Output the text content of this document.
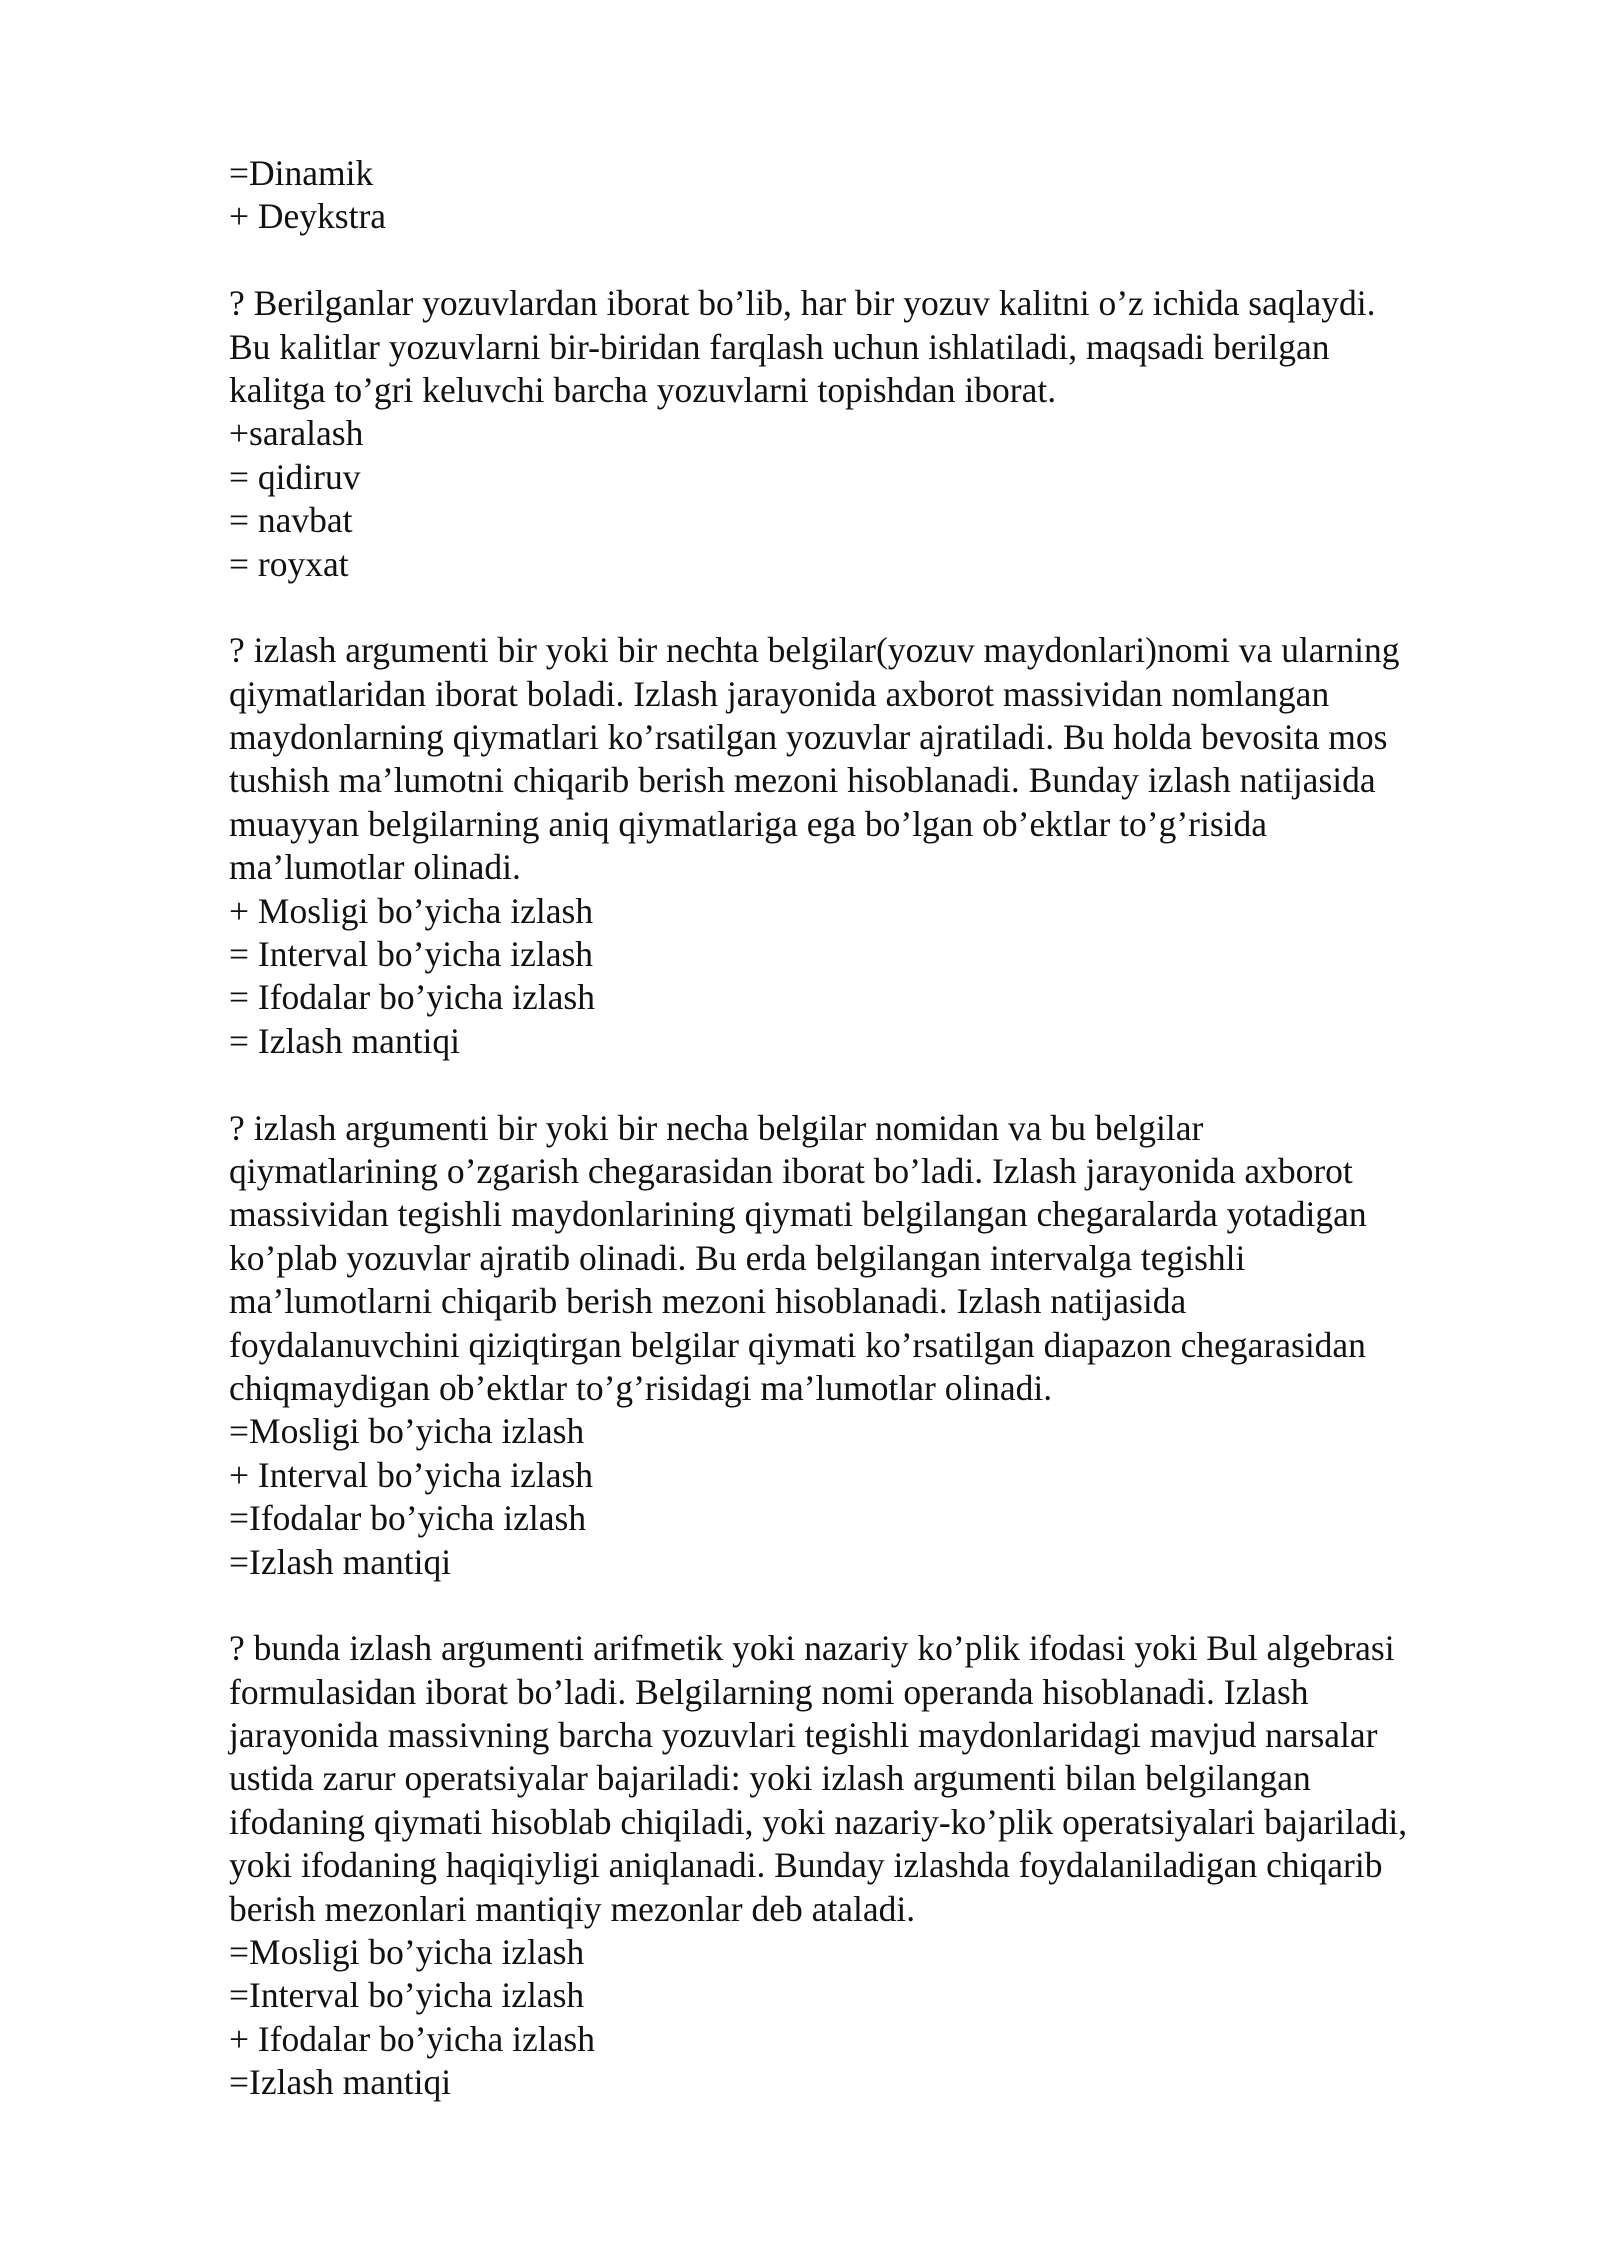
=Dinamik
+ Deykstra
? Berilganlar yozuvlardan iborat bo’lib, har bir yozuv kalitni o’z ichida saqlaydi.
Bu kalitlar yozuvlarni bir-biridan farqlash uchun ishlatiladi, maqsadi berilgan
kalitga to’gri keluvchi barcha yozuvlarni topishdan iborat.
+saralash
= qidiruv
= navbat
= royxat
? izlash argumenti bir yoki bir nechta belgilar(yozuv maydonlari)nomi va ularning
qiymatlaridan iborat boladi. Izlash jarayonida axborot massividan nomlangan
maydonlarning qiymatlari ko’rsatilgan yozuvlar ajratiladi. Bu holda bevosita mos
tushish ma’lumotni chiqarib berish mezoni hisoblanadi. Bunday izlash natijasida
muayyan belgilarning aniq qiymatlariga ega bo’lgan ob’ektlar to’g’risida
ma’lumotlar olinadi.
+ Mosligi bo’yicha izlash
= Interval bo’yicha izlash
= Ifodalar bo’yicha izlash
= Izlash mantiqi
? izlash argumenti bir yoki bir necha belgilar nomidan va bu belgilar
qiymatlarining o’zgarish chegarasidan iborat bo’ladi. Izlash jarayonida axborot
massividan tegishli maydonlarining qiymati belgilangan chegaralarda yotadigan
ko’plab yozuvlar ajratib olinadi. Bu erda belgilangan intervalga tegishli
ma’lumotlarni chiqarib berish mezoni hisoblanadi. Izlash natijasida
foydalanuvchini qiziqtirgan belgilar qiymati ko’rsatilgan diapazon chegarasidan
chiqmaydigan ob’ektlar to’g’risidagi ma’lumotlar olinadi.
=Mosligi bo’yicha izlash
+ Interval bo’yicha izlash
=Ifodalar bo’yicha izlash
=Izlash mantiqi
? bunda izlash argumenti arifmetik yoki nazariy ko’plik ifodasi yoki Bul algebrasi
formulasidan iborat bo’ladi. Belgilarning nomi operanda hisoblanadi. Izlash
jarayonida massivning barcha yozuvlari tegishli maydonlaridagi mavjud narsalar
ustida zarur operatsiyalar bajariladi: yoki izlash argumenti bilan belgilangan
ifodaning qiymati hisoblab chiqiladi, yoki nazariy-ko’plik operatsiyalari bajariladi,
yoki ifodaning haqiqiyligi aniqlanadi. Bunday izlashda foydalaniladigan chiqarib
berish mezonlari mantiqiy mezonlar deb ataladi.
=Mosligi bo’yicha izlash
=Interval bo’yicha izlash
+ Ifodalar bo’yicha izlash
=Izlash mantiqi
